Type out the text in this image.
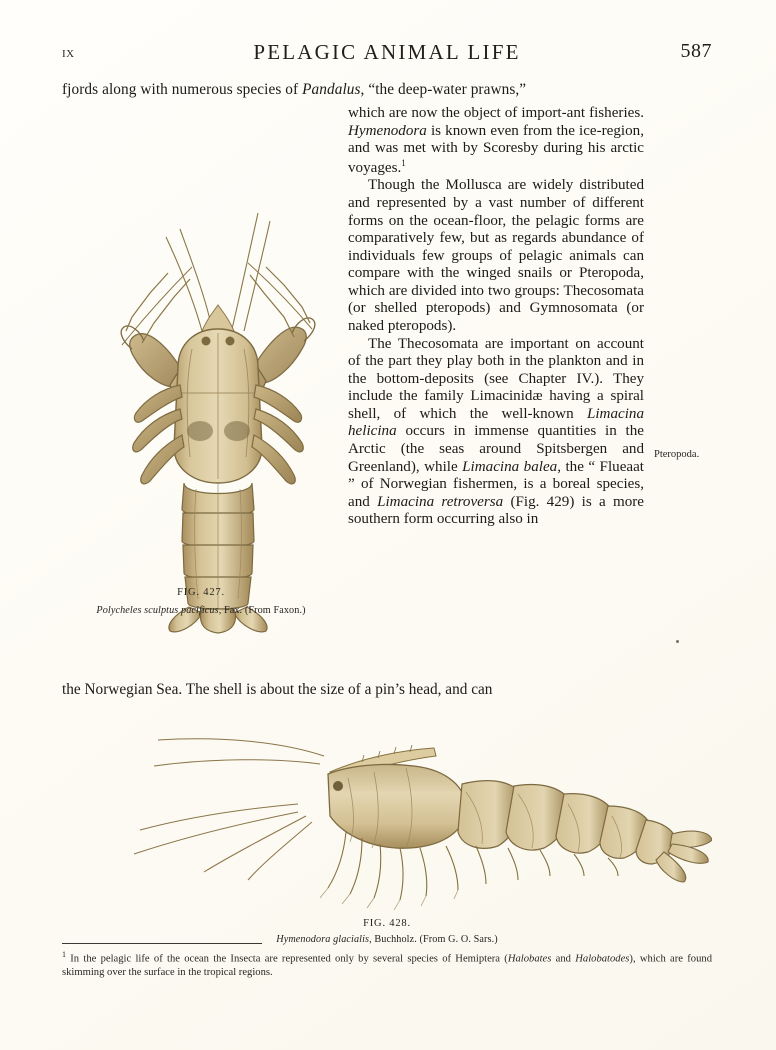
IX	PELAGIC ANIMAL LIFE	587
fjords along with numerous species of Pandalus, “the deep-water prawns,”
FIG. 427.
Polycheles sculptus pacificus, Fax. (From Faxon.)

which are now the object of import-ant fisheries. Hymenodora is known even from the ice-region, and was met with by Scoresby during his arctic voyages.$^1$

Though the Mollusca are widely distributed and represented by a vast number of different forms on the ocean-floor, the pelagic forms are comparatively few, but as regards abundance of individuals few groups of pelagic animals can compare with the winged snails or Pteropoda, which are divided into two groups: Thecosomata (or shelled pteropods) and Gymnosomata (or naked pteropods).

The Thecosomata are important on account of the part they play both in the plankton and in the bottom-deposits (see Chapter IV.). They include the family Limacinidæ having a spiral shell, of which the well-known Limacina helicina occurs in immense quantities in the Arctic (the seas around Spitsbergen and Greenland), while Limacina balea, the “ Flueaat ” of Norwegian fishermen, is a boreal species, and Limacina retroversa (Fig. 429) is a more southern form occurring also in

Pteropoda.
the Norwegian Sea. The shell is about the size of a pin’s head, and can
FIG. 428.
Hymenodora glacialis, Buchholz. (From G. O. Sars.)
$^1$ In the pelagic life of the ocean the Insecta are represented only by several species of Hemiptera (Halobates and Halobatodes), which are found skimming over the surface in the tropical regions.
